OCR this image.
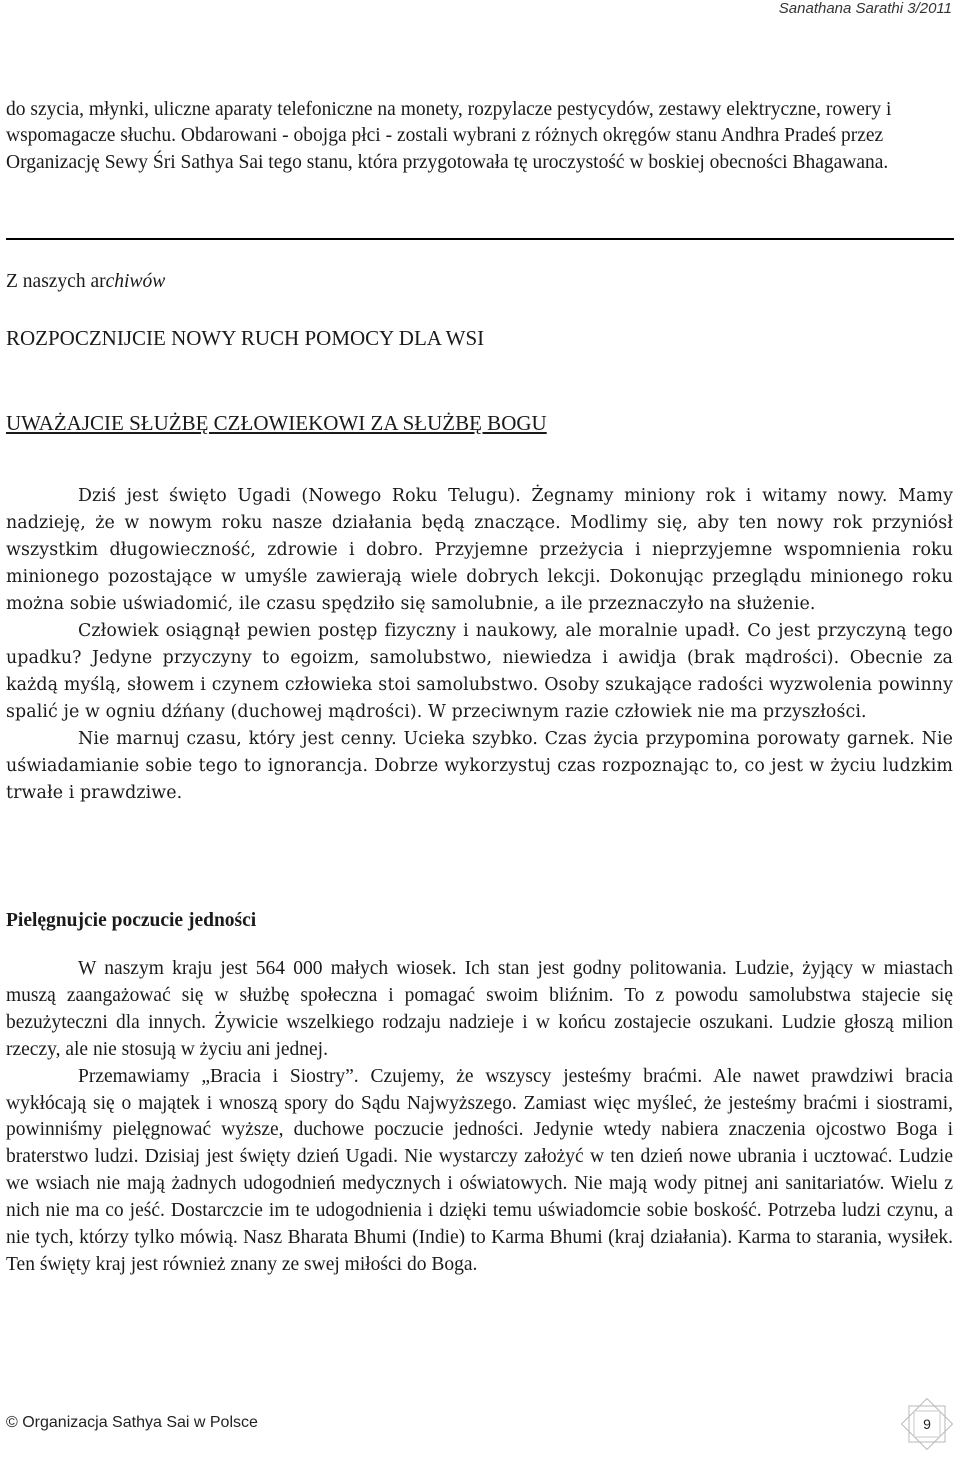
Sanathana Sarathi 3/2011
do szycia, młynki, uliczne aparaty telefoniczne na monety, rozpylacze pestycydów, zestawy elektryczne, rowery i wspomagacze słuchu. Obdarowani - obojga płci - zostali wybrani z różnych okręgów stanu Andhra Pradeś przez Organizację Sewy Śri Sathya Sai tego stanu, która przygotowała tę uroczystość w boskiej obecności Bhagawana.
Z naszych archiwów
ROZPOCZNIJCIE NOWY RUCH POMOCY DLA WSI
UWAŻAJCIE SŁUŻBĘ CZŁOWIEKOWI ZA SŁUŻBĘ BOGU

Dziś jest święto Ugadi (Nowego Roku Telugu). Żegnamy miniony rok i witamy nowy. Mamy nadzieję, że w nowym roku nasze działania będą znaczące. Modlimy się, aby ten nowy rok przyniósł wszystkim długowieczność, zdrowie i dobro. Przyjemne przeżycia i nieprzyjemne wspomnienia roku minionego pozostające w umyśle zawierają wiele dobrych lekcji. Dokonując przeglądu minionego roku można sobie uświadomić, ile czasu spędziło się samolubnie, a ile przeznaczyło na służenie.

Człowiek osiągnął pewien postęp fizyczny i naukowy, ale moralnie upadł. Co jest przyczyną tego upadku? Jedyne przyczyny to egoizm, samolubstwo, niewiedza i awidja (brak mądrości). Obecnie za każdą myślą, słowem i czynem człowieka stoi samolubstwo. Osoby szukające radości wyzwolenia powinny spalić je w ogniu dźńany (duchowej mądrości). W przeciwnym razie człowiek nie ma przyszłości.

Nie marnuj czasu, który jest cenny. Ucieka szybko. Czas życia przypomina porowaty garnek. Nie uświadamianie sobie tego to ignorancja. Dobrze wykorzystuj czas rozpoznając to, co jest w życiu ludzkim trwałe i prawdziwe.

Pielęgnujcie poczucie jedności

W naszym kraju jest 564 000 małych wiosek. Ich stan jest godny politowania. Ludzie, żyjący w miastach muszą zaangażować się w służbę społeczna i pomagać swoim bliźnim. To z powodu samolubstwa stajecie się bezużyteczni dla innych. Żywicie wszelkiego rodzaju nadzieje i w końcu zostajecie oszukani. Ludzie głoszą milion rzeczy, ale nie stosują w życiu ani jednej.

Przemawiamy „Bracia i Siostry”. Czujemy, że wszyscy jesteśmy braćmi. Ale nawet prawdziwi bracia wykłócają się o majątek i wnoszą spory do Sądu Najwyższego. Zamiast więc myśleć, że jesteśmy braćmi i siostrami, powinniśmy pielęgnować wyższe, duchowe poczucie jedności. Jedynie wtedy nabiera znaczenia ojcostwo Boga i braterstwo ludzi. Dzisiaj jest święty dzień Ugadi. Nie wystarczy założyć w ten dzień nowe ubrania i ucztować. Ludzie we wsiach nie mają żadnych udogodnień medycznych i oświatowych. Nie mają wody pitnej ani sanitariatów. Wielu z nich nie ma co jeść. Dostarczcie im te udogodnienia i dzięki temu uświadomcie sobie boskość. Potrzeba ludzi czynu, a nie tych, którzy tylko mówią. Nasz Bharata Bhumi (Indie) to Karma Bhumi (kraj działania). Karma to starania, wysiłek. Ten święty kraj jest również znany ze swej miłości do Boga.

© Organizacja Sathya Sai w Polsce	9
